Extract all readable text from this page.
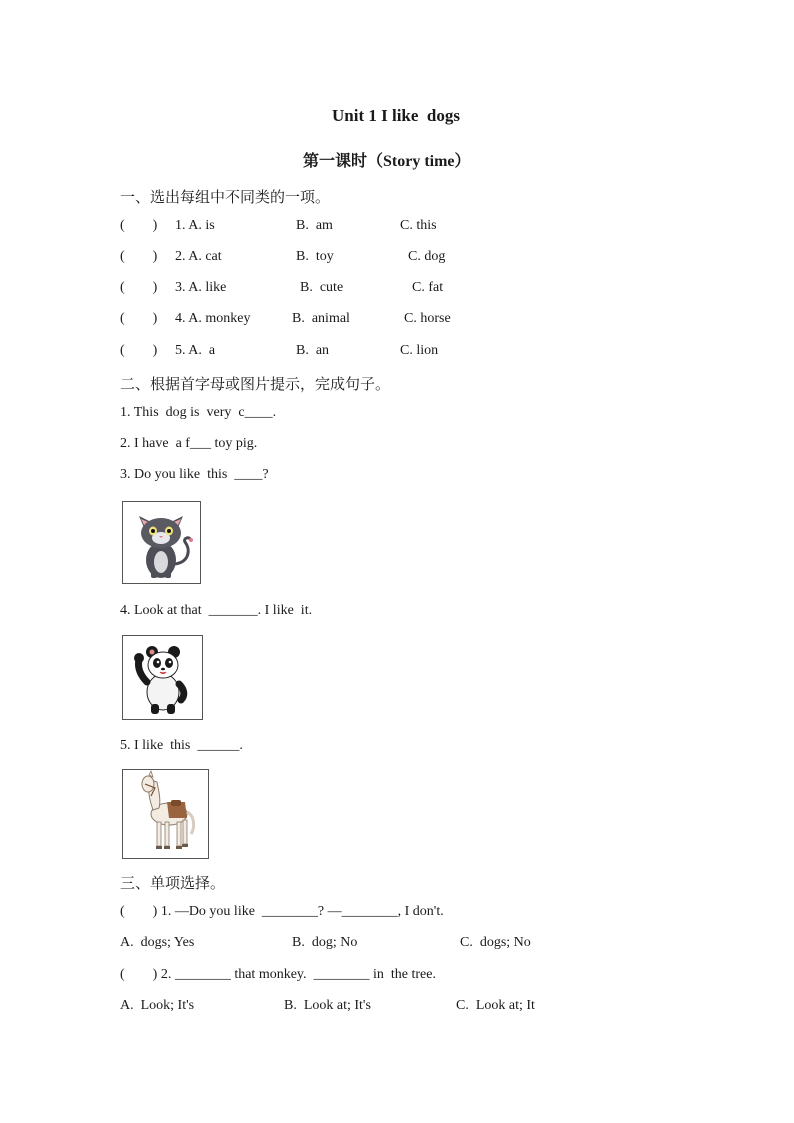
Unit 1 I like  dogs
第一课时（Story time）
一、选出每组中不同类的一项。
(        ) 1. A. is	B.  am	C. this
(        ) 2. A. cat	B.  toy	C. dog
(        ) 3. A. like	B.  cute	C. fat
(        ) 4. A. monkey	B.  animal	C. horse
(        ) 5. A.  a	B.  an	C. lion
二、根据首字母或图片提示，完成句子。
1. This  dog is  very  c____.
2. I have  a f___ toy pig.
3. Do you like  this  ____?
4. Look at that  _______. I like  it.
5. I like  this  ______.
三、单项选择。
(        ) 1. —Do you like  ________? —________, I don't.
A.  dogs; Yes	B.  dog; No	C.  dogs; No
(        ) 2. ________ that monkey.  ________ in  the tree.
A.  Look; It's	B.  Look at; It's	C.  Look at; It
